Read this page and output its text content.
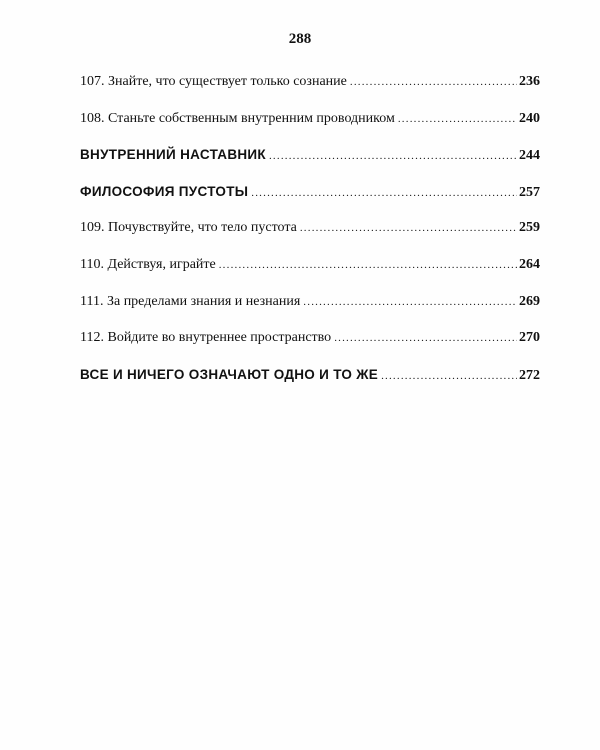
288
107. Знайте, что существует только сознание .....	236
108. Станьте собственным внутренним проводником .....	240
ВНУТРЕННИЙ НАСТАВНИК .....	244
ФИЛОСОФИЯ ПУСТОТЫ .....	257
109. Почувствуйте, что тело пустота .....	259
110. Действуя, играйте .....	264
111. За пределами знания и незнания .....	269
112. Войдите во внутреннее пространство .....	270
ВСЕ И НИЧЕГО ОЗНАЧАЮТ ОДНО И ТО ЖЕ .....	272
